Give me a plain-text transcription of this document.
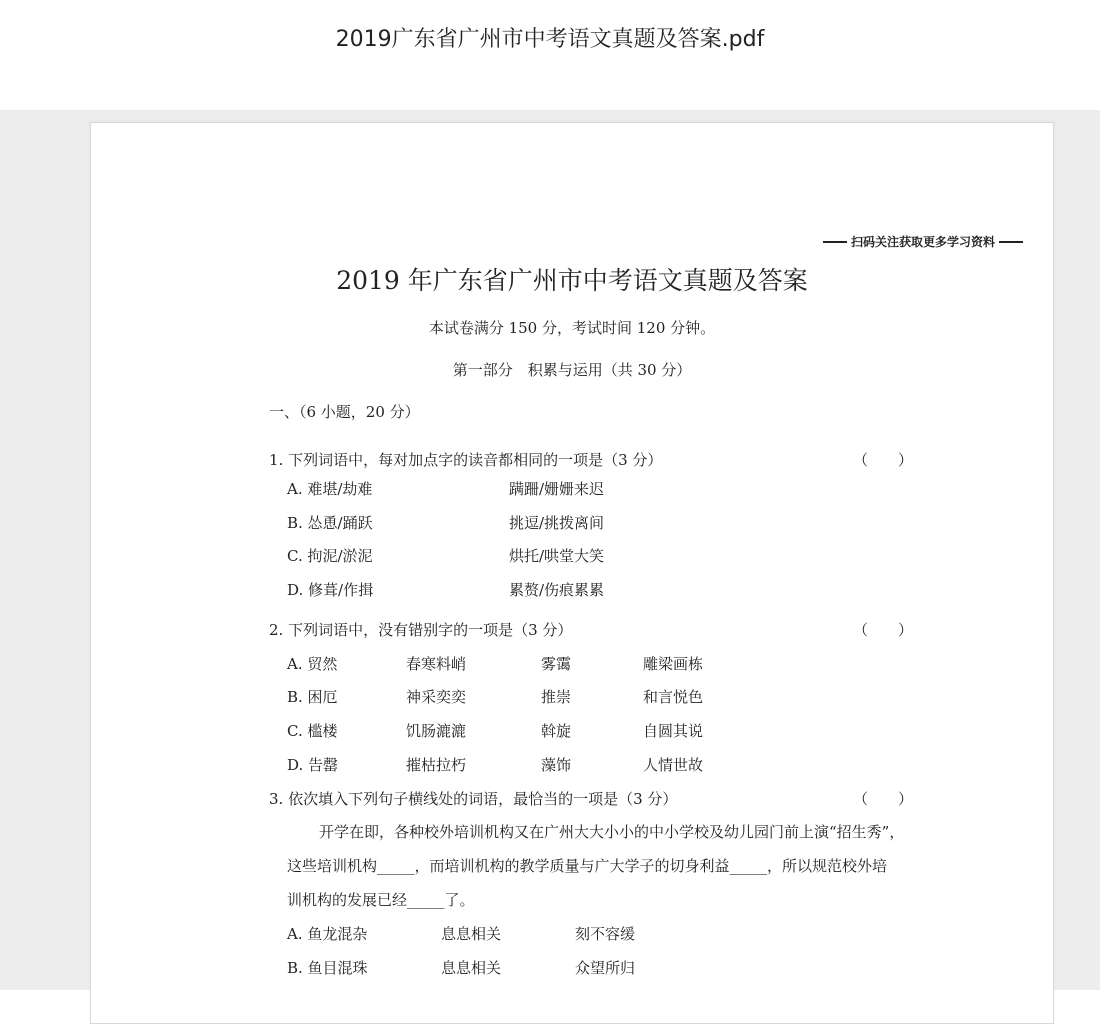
2019广东省广州市中考语文真题及答案.pdf
扫码关注获取更多学习资料
2019 年广东省广州市中考语文真题及答案
本试卷满分 150 分，考试时间 120 分钟。
第一部分　积累与运用（共 30 分）
一、（6 小题，20 分）
1. 下列词语中，每对加点字的读音都相同的一项是（3 分）	（　　）
A. 难堪/劫难	蹒跚/姗姗来迟
B. 怂恿/踊跃	挑逗/挑拨离间
C. 拘泥/淤泥	烘托/哄堂大笑
D. 修葺/作揖	累赘/伤痕累累
2. 下列词语中，没有错别字的一项是（3 分）	（　　）
A. 贸然	春寒料峭	雾霭	雕梁画栋
B. 困厄	神采奕奕	推崇	和言悦色
C. 槛楼	饥肠漉漉	斡旋	自圆其说
D. 告罄	摧枯拉朽	藻饰	人情世故
3. 依次填入下列句子横线处的词语，最恰当的一项是（3 分）	（　　）
开学在即，各种校外培训机构又在广州大大小小的中小学校及幼儿园门前上演“招生秀”，
这些培训机构_____，而培训机构的教学质量与广大学子的切身利益_____，所以规范校外培
训机构的发展已经_____了。
A. 鱼龙混杂	息息相关	刻不容缓
B. 鱼目混珠	息息相关	众望所归
